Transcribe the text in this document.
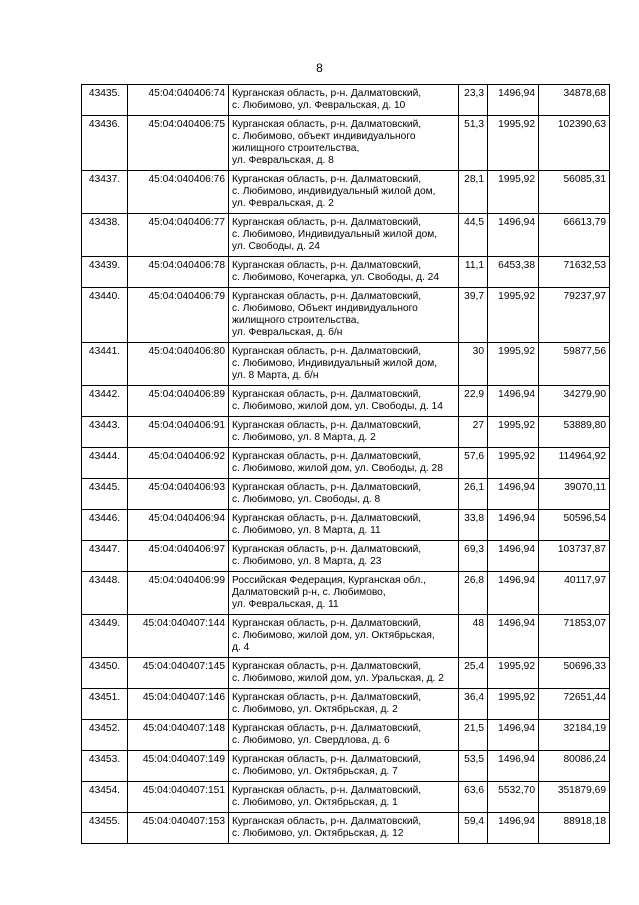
8
43435.	45:04:040406:74	Курганская область, р-н. Далматовский,
с. Любимово, ул. Февральская, д. 10	23,3	1496,94	34878,68
43436.	45:04:040406:75	Курганская область, р-н. Далматовский,
с. Любимово, объект индивидуального
жилищного строительства,
ул. Февральская, д. 8	51,3	1995,92	102390,63
43437.	45:04:040406:76	Курганская область, р-н. Далматовский,
с. Любимово, индивидуальный жилой дом,
ул. Февральская, д. 2	28,1	1995,92	56085,31
43438.	45:04:040406:77	Курганская область, р-н. Далматовский,
с. Любимово, Индивидуальный жилой дом,
ул. Свободы, д. 24	44,5	1496,94	66613,79
43439.	45:04:040406:78	Курганская область, р-н. Далматовский,
с. Любимово, Кочегарка, ул. Свободы, д. 24	11,1	6453,38	71632,53
43440.	45:04:040406:79	Курганская область, р-н. Далматовский,
с. Любимово, Объект индивидуального
жилищного строительства,
ул. Февральская, д. б/н	39,7	1995,92	79237,97
43441.	45:04:040406:80	Курганская область, р-н. Далматовский,
с. Любимово, Индивидуальный жилой дом,
ул. 8 Марта, д. б/н	30	1995,92	59877,56
43442.	45:04:040406:89	Курганская область, р-н. Далматовский,
с. Любимово, жилой дом, ул. Свободы, д. 14	22,9	1496,94	34279,90
43443.	45:04:040406:91	Курганская область, р-н. Далматовский,
с. Любимово, ул. 8 Марта, д. 2	27	1995,92	53889,80
43444.	45:04:040406:92	Курганская область, р-н. Далматовский,
с. Любимово, жилой дом, ул. Свободы, д. 28	57,6	1995,92	114964,92
43445.	45:04:040406:93	Курганская область, р-н. Далматовский,
с. Любимово, ул. Свободы, д. 8	26,1	1496,94	39070,11
43446.	45:04:040406:94	Курганская область, р-н. Далматовский,
с. Любимово, ул. 8 Марта, д. 11	33,8	1496,94	50596,54
43447.	45:04:040406:97	Курганская область, р-н. Далматовский,
с. Любимово, ул. 8 Марта, д. 23	69,3	1496,94	103737,87
43448.	45:04:040406:99	Российская Федерация, Курганская обл.,
Далматовский р-н, с. Любимово,
ул. Февральская, д. 11	26,8	1496,94	40117,97
43449.	45:04:040407:144	Курганская область, р-н. Далматовский,
с. Любимово, жилой дом, ул. Октябрьская,
д. 4	48	1496,94	71853,07
43450.	45:04:040407:145	Курганская область, р-н. Далматовский,
с. Любимово, жилой дом, ул. Уральская, д. 2	25,4	1995,92	50696,33
43451.	45:04:040407:146	Курганская область, р-н. Далматовский,
с. Любимово, ул. Октябрьская, д. 2	36,4	1995,92	72651,44
43452.	45:04:040407:148	Курганская область, р-н. Далматовский,
с. Любимово, ул. Свердлова, д. 6	21,5	1496,94	32184,19
43453.	45:04:040407:149	Курганская область, р-н. Далматовский,
с. Любимово, ул. Октябрьская, д. 7	53,5	1496,94	80086,24
43454.	45:04:040407:151	Курганская область, р-н. Далматовский,
с. Любимово, ул. Октябрьская, д. 1	63,6	5532,70	351879,69
43455.	45:04:040407:153	Курганская область, р-н. Далматовский,
с. Любимово, ул. Октябрьская, д. 12	59,4	1496,94	88918,18
